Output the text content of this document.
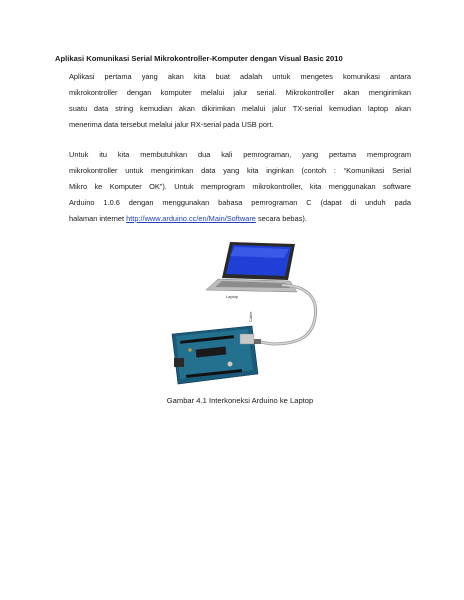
Aplikasi Komunikasi Serial Mikrokontroller-Komputer dengan Visual Basic 2010

Aplikasi pertama yang akan kita buat adalah untuk mengetes komunikasi antara
mikrokontroller dengan komputer melalui jalur serial. Mikrokontroller akan mengirimkan
suatu data string kemudian akan dikirimkan melalui jalur TX-serial kemudian laptop akan
menerima data tersebut melalui jalur RX-serial pada USB port.

Untuk itu kita membutuhkan dua kali pemrograman, yang pertama memprogram
mikrokontroller untuk mengirimkan data yang kita inginkan (contoh : “Komunikasi Serial
Mikro ke Komputer OK”). Untuk memprogram mikrokontroller, kita menggunakan software
Arduino 1.0.6 dengan menggunakan bahasa pemrograman C (dapat di unduh pada
halaman internet http://www.arduino.cc/en/Main/Software secara bebas).

Laptop
Cable
Gambar 4.1 Interkoneksi Arduino ke Laptop
